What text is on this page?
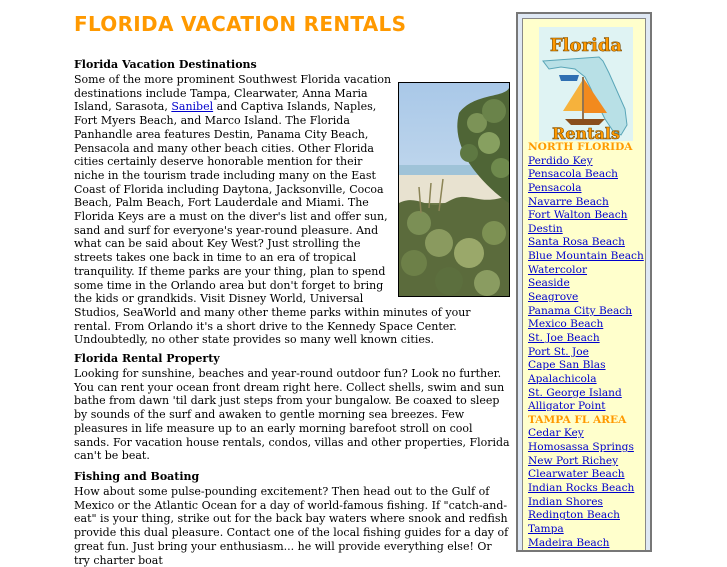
FLORIDA VACATION RENTALS
Florida Vacation Destinations

Some of the more prominent Southwest Florida vacation destinations include Tampa, Clearwater, Anna Maria Island, Sarasota, Sanibel and Captiva Islands, Naples, Fort Myers Beach, and Marco Island. The Florida Panhandle area features Destin, Panama City Beach, Pensacola and many other beach cities. Other Florida cities certainly deserve honorable mention for their niche in the tourism trade including many on the East Coast of Florida including Daytona, Jacksonville, Cocoa Beach, Palm Beach, Fort Lauderdale and Miami. The Florida Keys are a must on the diver's list and offer sun, sand and surf for everyone's year-round pleasure. And what can be said about Key West? Just strolling the streets takes one back in time to an era of tropical tranquility. If theme parks are your thing, plan to spend some time in the Orlando area but don't forget to bring the kids or grandkids. Visit Disney World, Universal Studios, SeaWorld and many other theme parks within minutes of your rental. From Orlando it's a short drive to the Kennedy Space Center. Undoubtedly, no other state provides so many well known cities.

Florida Rental Property

Looking for sunshine, beaches and year-round outdoor fun? Look no further. You can rent your ocean front dream right here. Collect shells, swim and sun bathe from dawn 'til dark just steps from your bungalow. Be coaxed to sleep by sounds of the surf and awaken to gentle morning sea breezes. Few pleasures in life measure up to an early morning barefoot stroll on cool sands. For vacation house rentals, condos, villas and other properties, Florida can't be beat.

Fishing and Boating

How about some pulse-pounding excitement? Then head out to the Gulf of Mexico or the Atlantic Ocean for a day of world-famous fishing. If "catch-and-eat" is your thing, strike out for the back bay waters where snook and redfish provide this dual pleasure. Contact one of the local fishing guides for a day of great fun. Just bring your enthusiasm... he will provide everything else! Or try charter boat

Florida
Rentals
NORTH FLORIDA
Perdido Key
Pensacola Beach
Pensacola
Navarre Beach
Fort Walton Beach
Destin
Santa Rosa Beach
Blue Mountain Beach
Watercolor
Seaside
Seagrove
Panama City Beach
Mexico Beach
St. Joe Beach
Port St. Joe
Cape San Blas
Apalachicola
St. George Island
Alligator Point
TAMPA FL AREA
Cedar Key
Homosassa Springs
New Port Richey
Clearwater Beach
Indian Rocks Beach
Indian Shores
Redington Beach
Tampa
Madeira Beach
